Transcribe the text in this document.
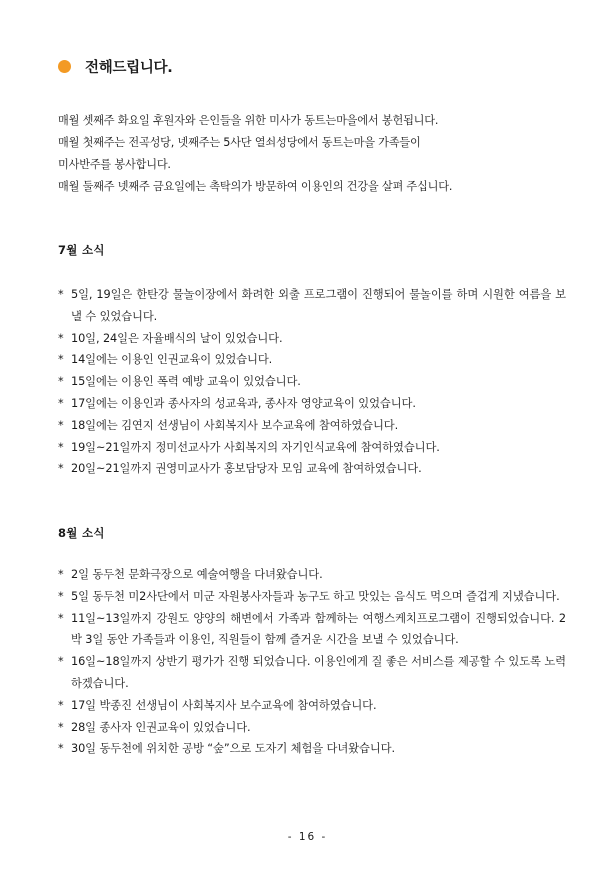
전해드립니다.

매월 셋째주 화요일 후원자와 은인들을 위한 미사가 동트는마을에서 봉헌됩니다.

매월 첫째주는 전곡성당, 넷째주는 5사단 열쇠성당에서 동트는마을 가족들이

미사반주를 봉사합니다.

매월 둘째주 넷째주 금요일에는 촉탁의가 방문하여 이용인의 건강을 살펴 주십니다.

7월 소식
* 5일, 19일은 한탄강 물놀이장에서 화려한 외출 프로그램이 진행되어 물놀이를 하며 시원한 여름을 보낼 수 있었습니다.
* 10일, 24일은 자율배식의 날이 있었습니다.
* 14일에는 이용인 인권교육이 있었습니다.
* 15일에는 이용인 폭력 예방 교육이 있었습니다.
* 17일에는 이용인과 종사자의 성교육과, 종사자 영양교육이 있었습니다.
* 18일에는 김연지 선생님이 사회복지사 보수교육에 참여하였습니다.
* 19일~21일까지 정미선교사가 사회복지의 자기인식교육에 참여하였습니다.
* 20일~21일까지 권영미교사가 홍보담당자 모임 교육에 참여하였습니다.
8월 소식
* 2일 동두천 문화극장으로 예술여행을 다녀왔습니다.
* 5일 동두천 미2사단에서 미군 자원봉사자들과 농구도 하고 맛있는 음식도 먹으며 즐겁게 지냈습니다.
* 11일~13일까지 강원도 양양의 해변에서 가족과 함께하는 여행스케치프로그램이 진행되었습니다. 2박 3일 동안 가족들과 이용인, 직원들이 함께 즐거운 시간을 보낼 수 있었습니다.
* 16일~18일까지 상반기 평가가 진행 되었습니다. 이용인에게 질 좋은 서비스를 제공할 수 있도록 노력하겠습니다.
* 17일 박종진 선생님이 사회복지사 보수교육에 참여하였습니다.
* 28일 종사자 인권교육이 있었습니다.
* 30일 동두천에 위치한 공방 “숲”으로 도자기 체험을 다녀왔습니다.
- 16 -
